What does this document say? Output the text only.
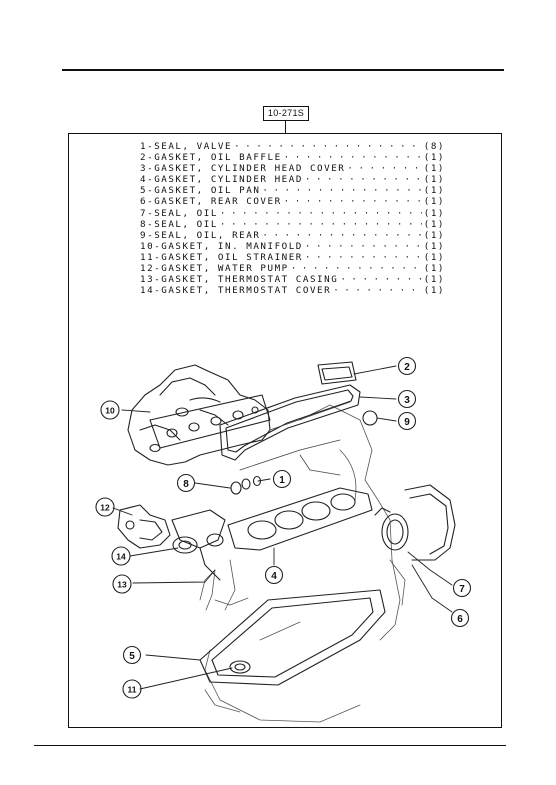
10-271S
1 - SEAL, VALVE · · ·	(8)
2 - GASKET, OIL BAFFLE · · ·	(1)
3 - GASKET, CYLINDER HEAD COVER · · ·	(1)
4 - GASKET, CYLINDER HEAD · · ·	(1)
5 - GASKET, OIL PAN · · ·	(1)
6 - GASKET, REAR COVER · · ·	(1)
7 - SEAL, OIL · · ·	(1)
8 - SEAL, OIL · · ·	(1)
9 - SEAL, OIL, REAR · · ·	(1)
10 - GASKET, IN. MANIFOLD · · ·	(1)
11 - GASKET, OIL STRAINER · · ·	(1)
12 - GASKET, WATER PUMP · · ·	(1)
13 - GASKET, THERMOSTAT CASING · · ·	(1)
14 - GASKET, THERMOSTAT COVER · · ·	(1)
1
2
3
4
5
6
7
8
9
10
11
12
13
14
